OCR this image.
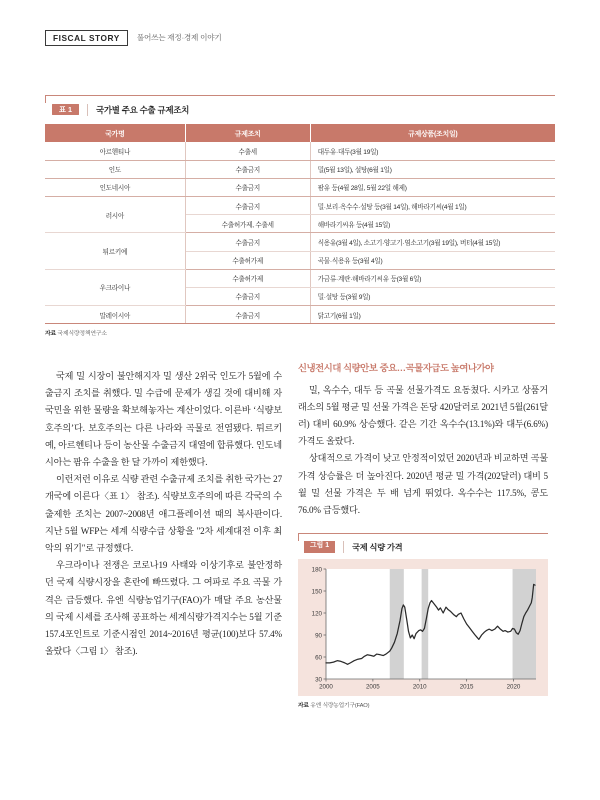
FISCAL STORY	풀어쓰는 재정·경제 이야기
표 1	국가별 주요 수출 규제조치
국가명	규제조치	규제상품(조치일)
아르헨티나	수출세	대두유·대두(3월 19일)
인도	수출금지	밀(5월 13일), 설탕(6월 1일)
인도네시아	수출금지	팜유 등(4월 28일, 5월 22일 해제)
러시아	수출금지	밀·보리·옥수수·설탕 등(3월 14일), 해바라기씨(4월 1일)
	수출허가제, 수출세	해바라기씨유 등(4월 15일)
튀르키예	수출금지	식용유(3월 4일), 소고기·양고기·염소고기(3월 19일), 버터(4월 15일)
	수출허가제	곡물·식용유 등(3월 4일)
우크라이나	수출허가제	가금류·계란·해바라기씨유 등(3월 6일)
	수출금지	밀·설탕 등(3월 9일)
말레이시아	수출금지	닭고기(6월 1일)
자료 국제식량정책연구소

국제 밀 시장이 불안해지자 밀 생산 2위국 인도가 5월에 수출금지 조치를 취했다. 밀 수급에 문제가 생길 것에 대비해 자국민을 위한 물량을 확보해놓자는 계산이었다. 이른바 ‘식량보호주의’다. 보호주의는 다른 나라와 곡물로 전염됐다. 튀르키예, 아르헨티나 등이 농산물 수출금지 대열에 합류했다. 인도네시아는 팜유 수출을 한 달 가까이 제한했다.

이런저런 이유로 식량 관련 수출규제 조치를 취한 국가는 27개국에 이른다〈표 1〉 참조). 식량보호주의에 따른 각국의 수출제한 조치는 2007~2008년 애그플레이션 때의 복사판이다. 지난 5월 WFP는 세계 식량수급 상황을 "2차 세계대전 이후 최악의 위기"로 규정했다.

우크라이나 전쟁은 코로나19 사태와 이상기후로 불안정하던 국제 식량시장을 혼란에 빠뜨렸다. 그 여파로 주요 곡물 가격은 급등했다. 유엔 식량농업기구(FAO)가 매달 주요 농산물의 국제 시세를 조사해 공표하는 세계식량가격지수는 5월 기준 157.4포인트로 기준시점인 2014~2016년 평균(100)보다 57.4% 올랐다〈그림 1〉 참조).

신냉전시대 식량안보 중요…곡물자급도 높여나가야

밀, 옥수수, 대두 등 곡물 선물가격도 요동쳤다. 시카고 상품거래소의 5월 평균 밀 선물 가격은 돈당 420달러로 2021년 5월(261달러) 대비 60.9% 상승했다. 같은 기간 옥수수(13.1%)와 대두(6.6%) 가격도 올랐다.

상대적으로 가격이 낮고 안정적이었던 2020년과 비교하면 곡물 가격 상승률은 더 높아진다. 2020년 평균 밀 가격(202달러) 대비 5월 밀 선물 가격은 두 배 넘게 뛰었다. 옥수수는 117.5%, 콩도 76.0% 급등했다.

그림 1	국제 식량 가격
30
60
90
120
150
180
2000	2005	2010	2015	2020
자료 유엔 식량농업기구(FAO)
